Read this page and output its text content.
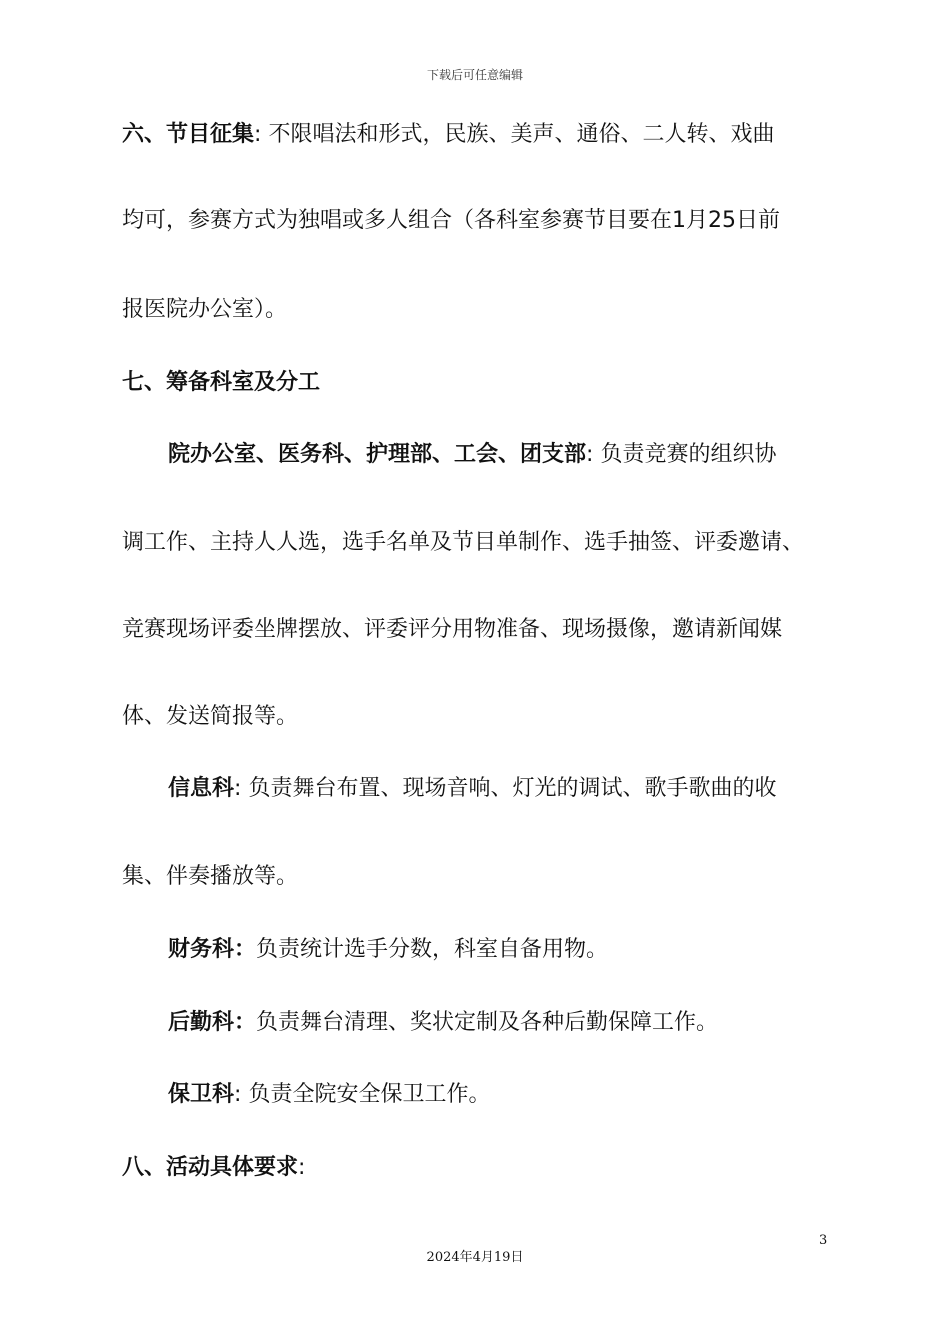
下载后可任意编辑
六、节目征集: 不限唱法和形式，民族、美声、通俗、二人转、戏曲
均可，参赛方式为独唱或多人组合（各科室参赛节目要在1月25日前
报医院办公室）。
七、筹备科室及分工
院办公室、医务科、护理部、工会、团支部: 负责竞赛的组织协
调工作、主持人人选，选手名单及节目单制作、选手抽签、评委邀请、
竞赛现场评委坐牌摆放、评委评分用物准备、现场摄像，邀请新闻媒
体、发送简报等。
信息科: 负责舞台布置、现场音响、灯光的调试、歌手歌曲的收
集、伴奏播放等。
财务科：负责统计选手分数，科室自备用物。
后勤科：负责舞台清理、奖状定制及各种后勤保障工作。
保卫科: 负责全院安全保卫工作。
八、活动具体要求:
3
2024年4月19日
